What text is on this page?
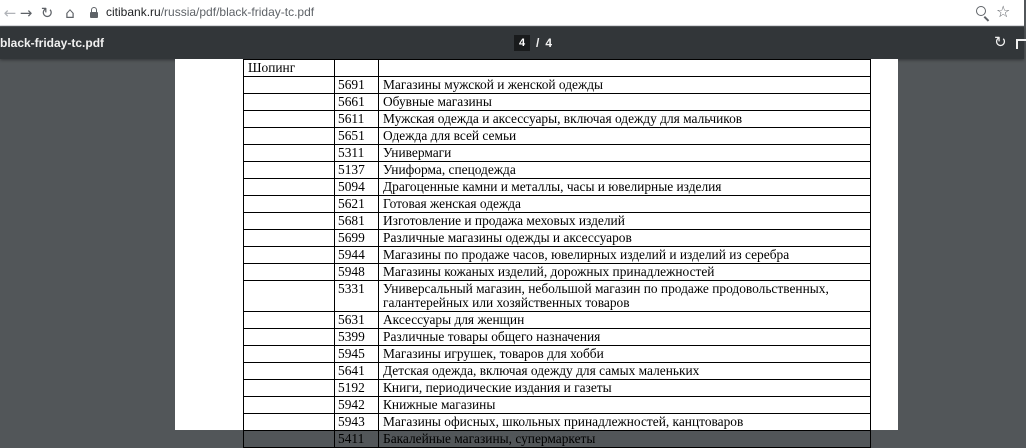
← → ↻ ⌂	citibank.ru/russia/pdf/black-friday-tc.pdf	☆
black-friday-tc.pdf	4 / 4	↻
Шопинг		
	5691	Магазины мужской и женской одежды
	5661	Обувные магазины
	5611	Мужская одежда и аксессуары, включая одежду для мальчиков
	5651	Одежда для всей семьи
	5311	Универмаги
	5137	Униформа, спецодежда
	5094	Драгоценные камни и металлы, часы и ювелирные изделия
	5621	Готовая женская одежда
	5681	Изготовление и продажа меховых изделий
	5699	Различные магазины одежды и аксессуаров
	5944	Магазины по продаже часов, ювелирных изделий и изделий из серебра
	5948	Магазины кожаных изделий, дорожных принадлежностей
	5331	Универсальный магазин, небольшой магазин по продаже продовольственных, галантерейных или хозяйственных товаров
	5631	Аксессуары для женщин
	5399	Различные товары общего назначения
	5945	Магазины игрушек, товаров для хобби
	5641	Детская одежда, включая одежду для самых маленьких
	5192	Книги, периодические издания и газеты
	5942	Книжные магазины
	5943	Магазины офисных, школьных принадлежностей, канцтоваров
	5411	Бакалейные магазины, супермаркеты
